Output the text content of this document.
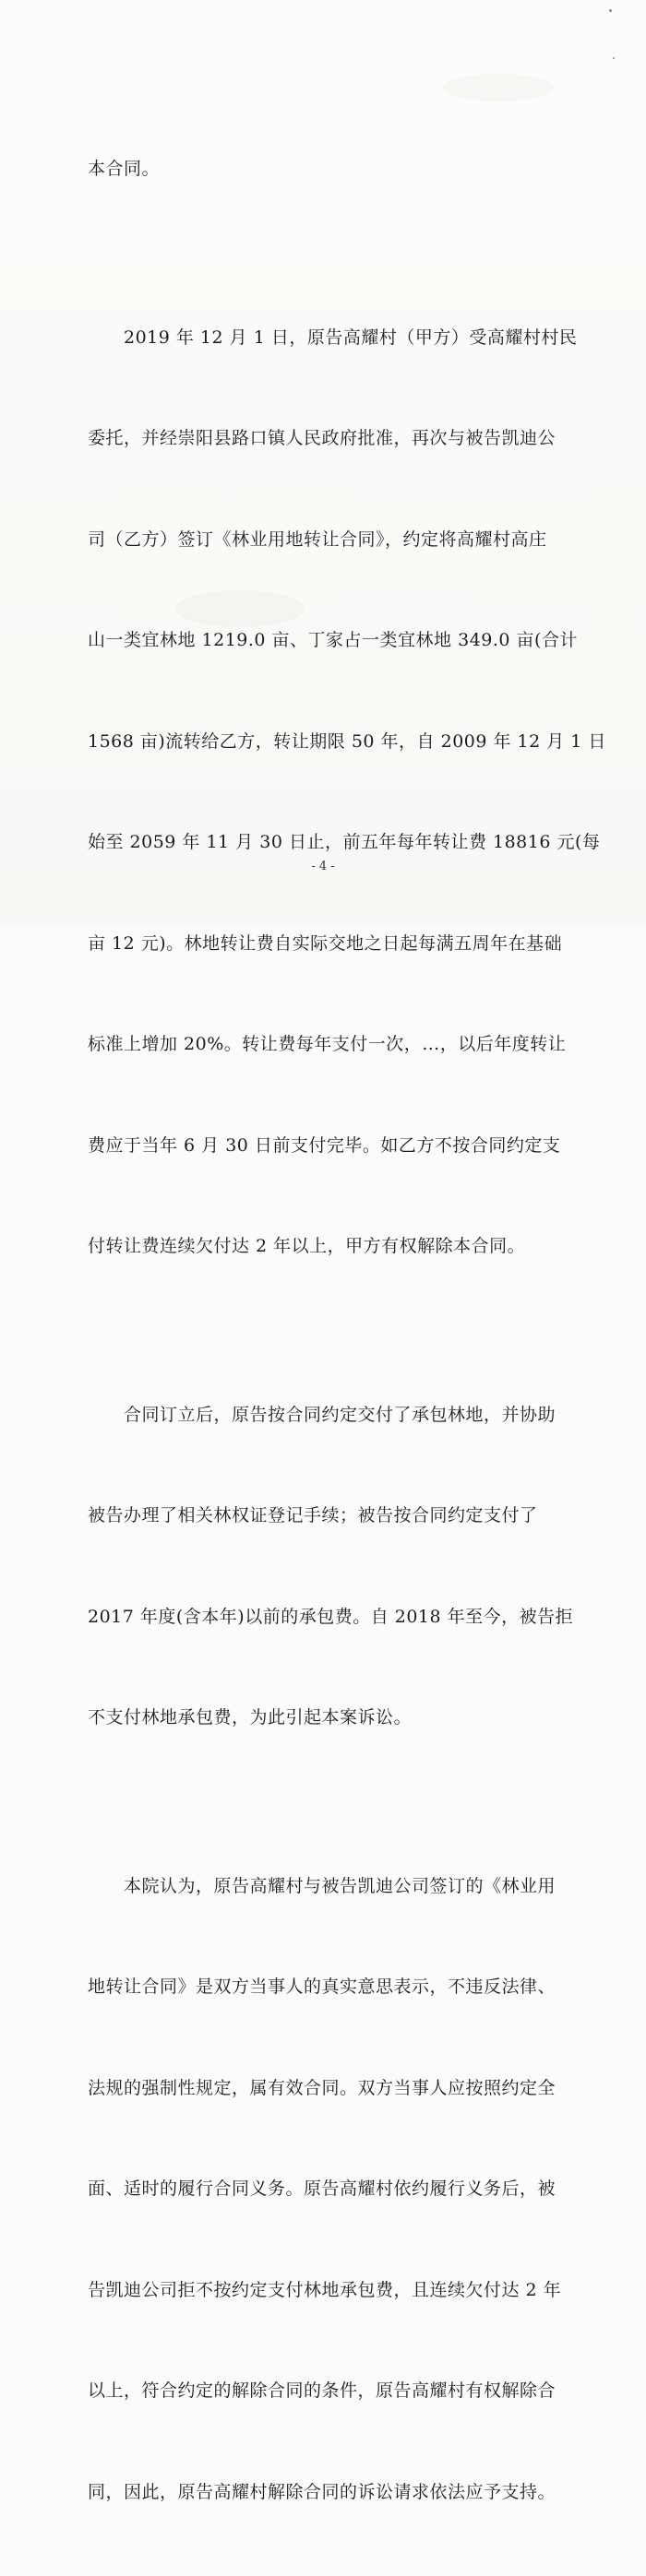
本合同。

　　2019 年 12 月 1 日，原告高耀村（甲方）受高耀村村民

委托，并经崇阳县路口镇人民政府批准，再次与被告凯迪公

司（乙方）签订《林业用地转让合同》，约定将高耀村高庄

山一类宜林地 1219.0 亩、丁家占一类宜林地 349.0 亩(合计

1568 亩)流转给乙方，转让期限 50 年，自 2009 年 12 月 1 日

始至 2059 年 11 月 30 日止，前五年每年转让费 18816 元(每

亩 12 元)。林地转让费自实际交地之日起每满五周年在基础

标准上增加 20%。转让费每年支付一次，…，以后年度转让

费应于当年 6 月 30 日前支付完毕。如乙方不按合同约定支

付转让费连续欠付达 2 年以上，甲方有权解除本合同。

　　合同订立后，原告按合同约定交付了承包林地，并协助

被告办理了相关林权证登记手续；被告按合同约定支付了

2017 年度(含本年)以前的承包费。自 2018 年至今，被告拒

不支付林地承包费，为此引起本案诉讼。

　　本院认为，原告高耀村与被告凯迪公司签订的《林业用

地转让合同》是双方当事人的真实意思表示，不违反法律、

法规的强制性规定，属有效合同。双方当事人应按照约定全

面、适时的履行合同义务。原告高耀村依约履行义务后，被

告凯迪公司拒不按约定支付林地承包费，且连续欠付达 2 年

以上，符合约定的解除合同的条件，原告高耀村有权解除合

同，因此，原告高耀村解除合同的诉讼请求依法应予支持。

- 4 -
